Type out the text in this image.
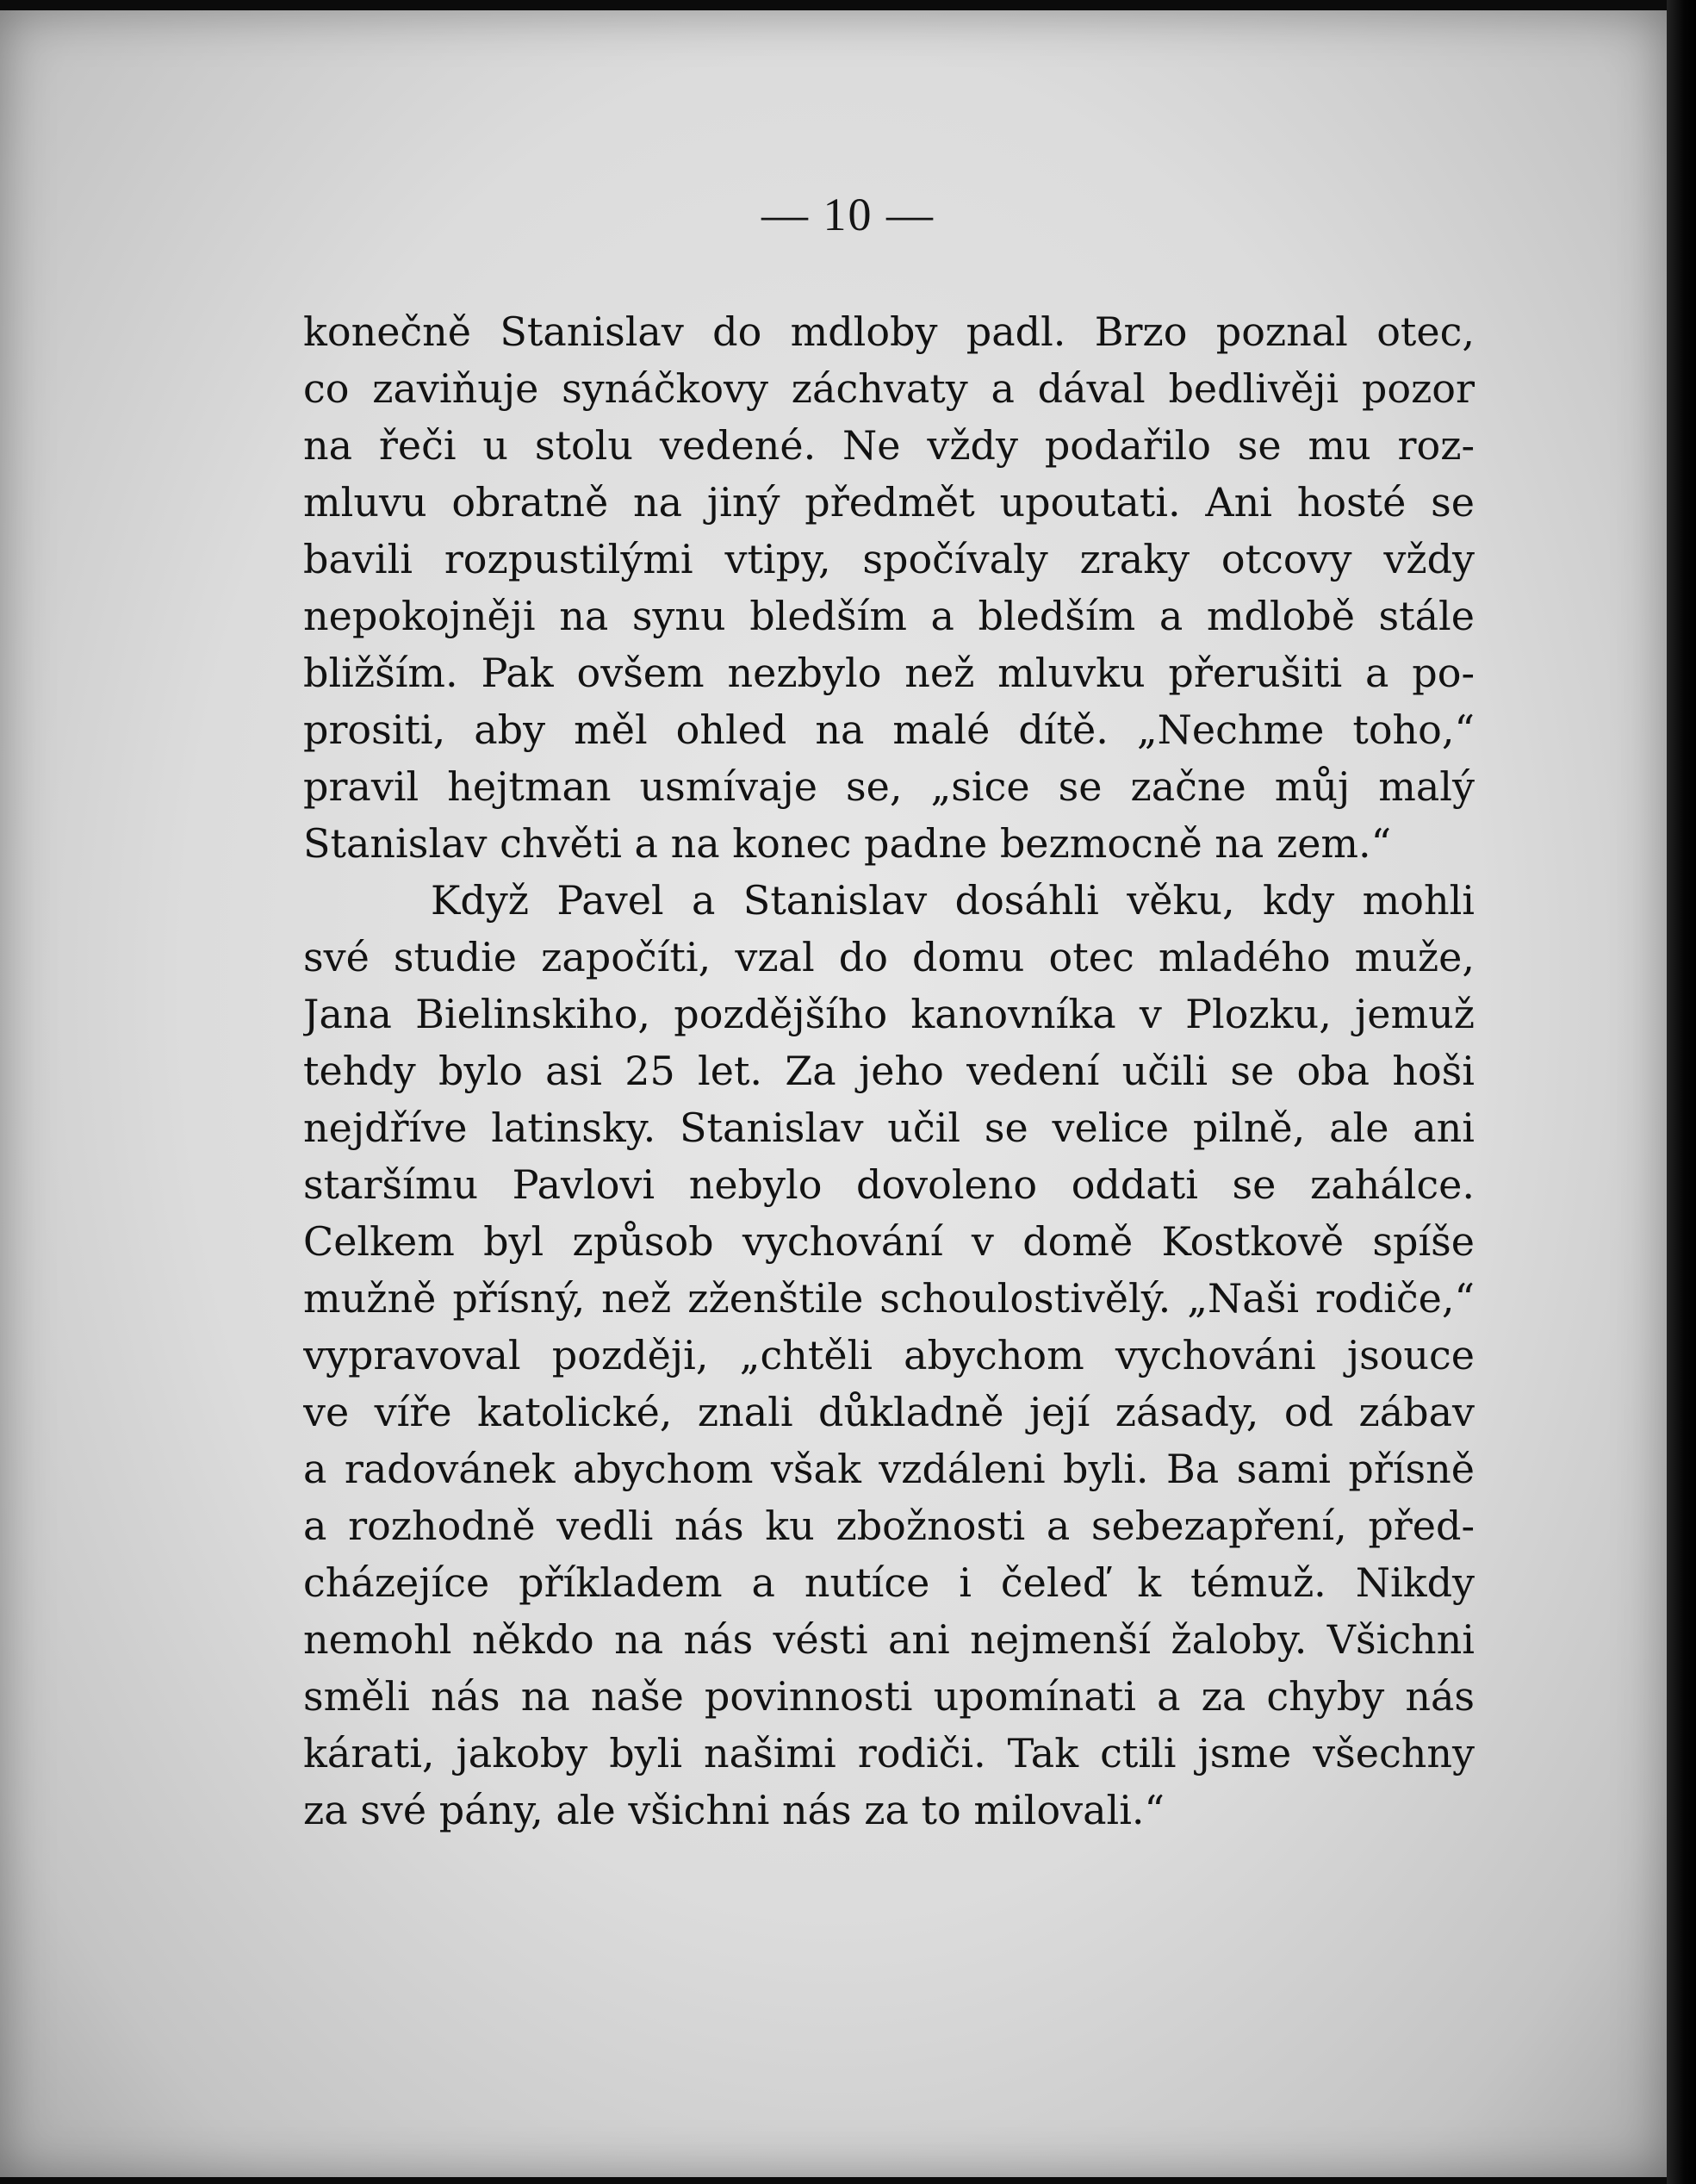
— 10 —
konečně Stanislav do mdloby padl. Brzo poznal otec,
co zaviňuje synáčkovy záchvaty a dával bedlivěji pozor
na řeči u stolu vedené. Ne vždy podařilo se mu roz-
mluvu obratně na jiný předmět upoutati. Ani hosté se
bavili rozpustilými vtipy, spočívaly zraky otcovy vždy
nepokojněji na synu bledším a bledším a mdlobě stále
bližším. Pak ovšem nezbylo než mluvku přerušiti a po-
prositi, aby měl ohled na malé dítě. „Nechme toho,“
pravil hejtman usmívaje se, „sice se začne můj malý
Stanislav chvěti a na konec padne bezmocně na zem.“
Když Pavel a Stanislav dosáhli věku, kdy mohli
své studie započíti, vzal do domu otec mladého muže,
Jana Bielinskiho, pozdějšího kanovníka v Plozku, jemuž
tehdy bylo asi 25 let. Za jeho vedení učili se oba hoši
nejdříve latinsky. Stanislav učil se velice pilně, ale ani
staršímu Pavlovi nebylo dovoleno oddati se zahálce.
Celkem byl způsob vychování v domě Kostkově spíše
mužně přísný, než zženštile schoulostivělý. „Naši rodiče,“
vypravoval později, „chtěli abychom vychováni jsouce
ve víře katolické, znali důkladně její zásady, od zábav
a radovánek abychom však vzdáleni byli. Ba sami přísně
a rozhodně vedli nás ku zbožnosti a sebezapření, před-
cházejíce příkladem a nutíce i čeleď k témuž. Nikdy
nemohl někdo na nás vésti ani nejmenší žaloby. Všichni
směli nás na naše povinnosti upomínati a za chyby nás
kárati, jakoby byli našimi rodiči. Tak ctili jsme všechny
za své pány, ale všichni nás za to milovali.“
